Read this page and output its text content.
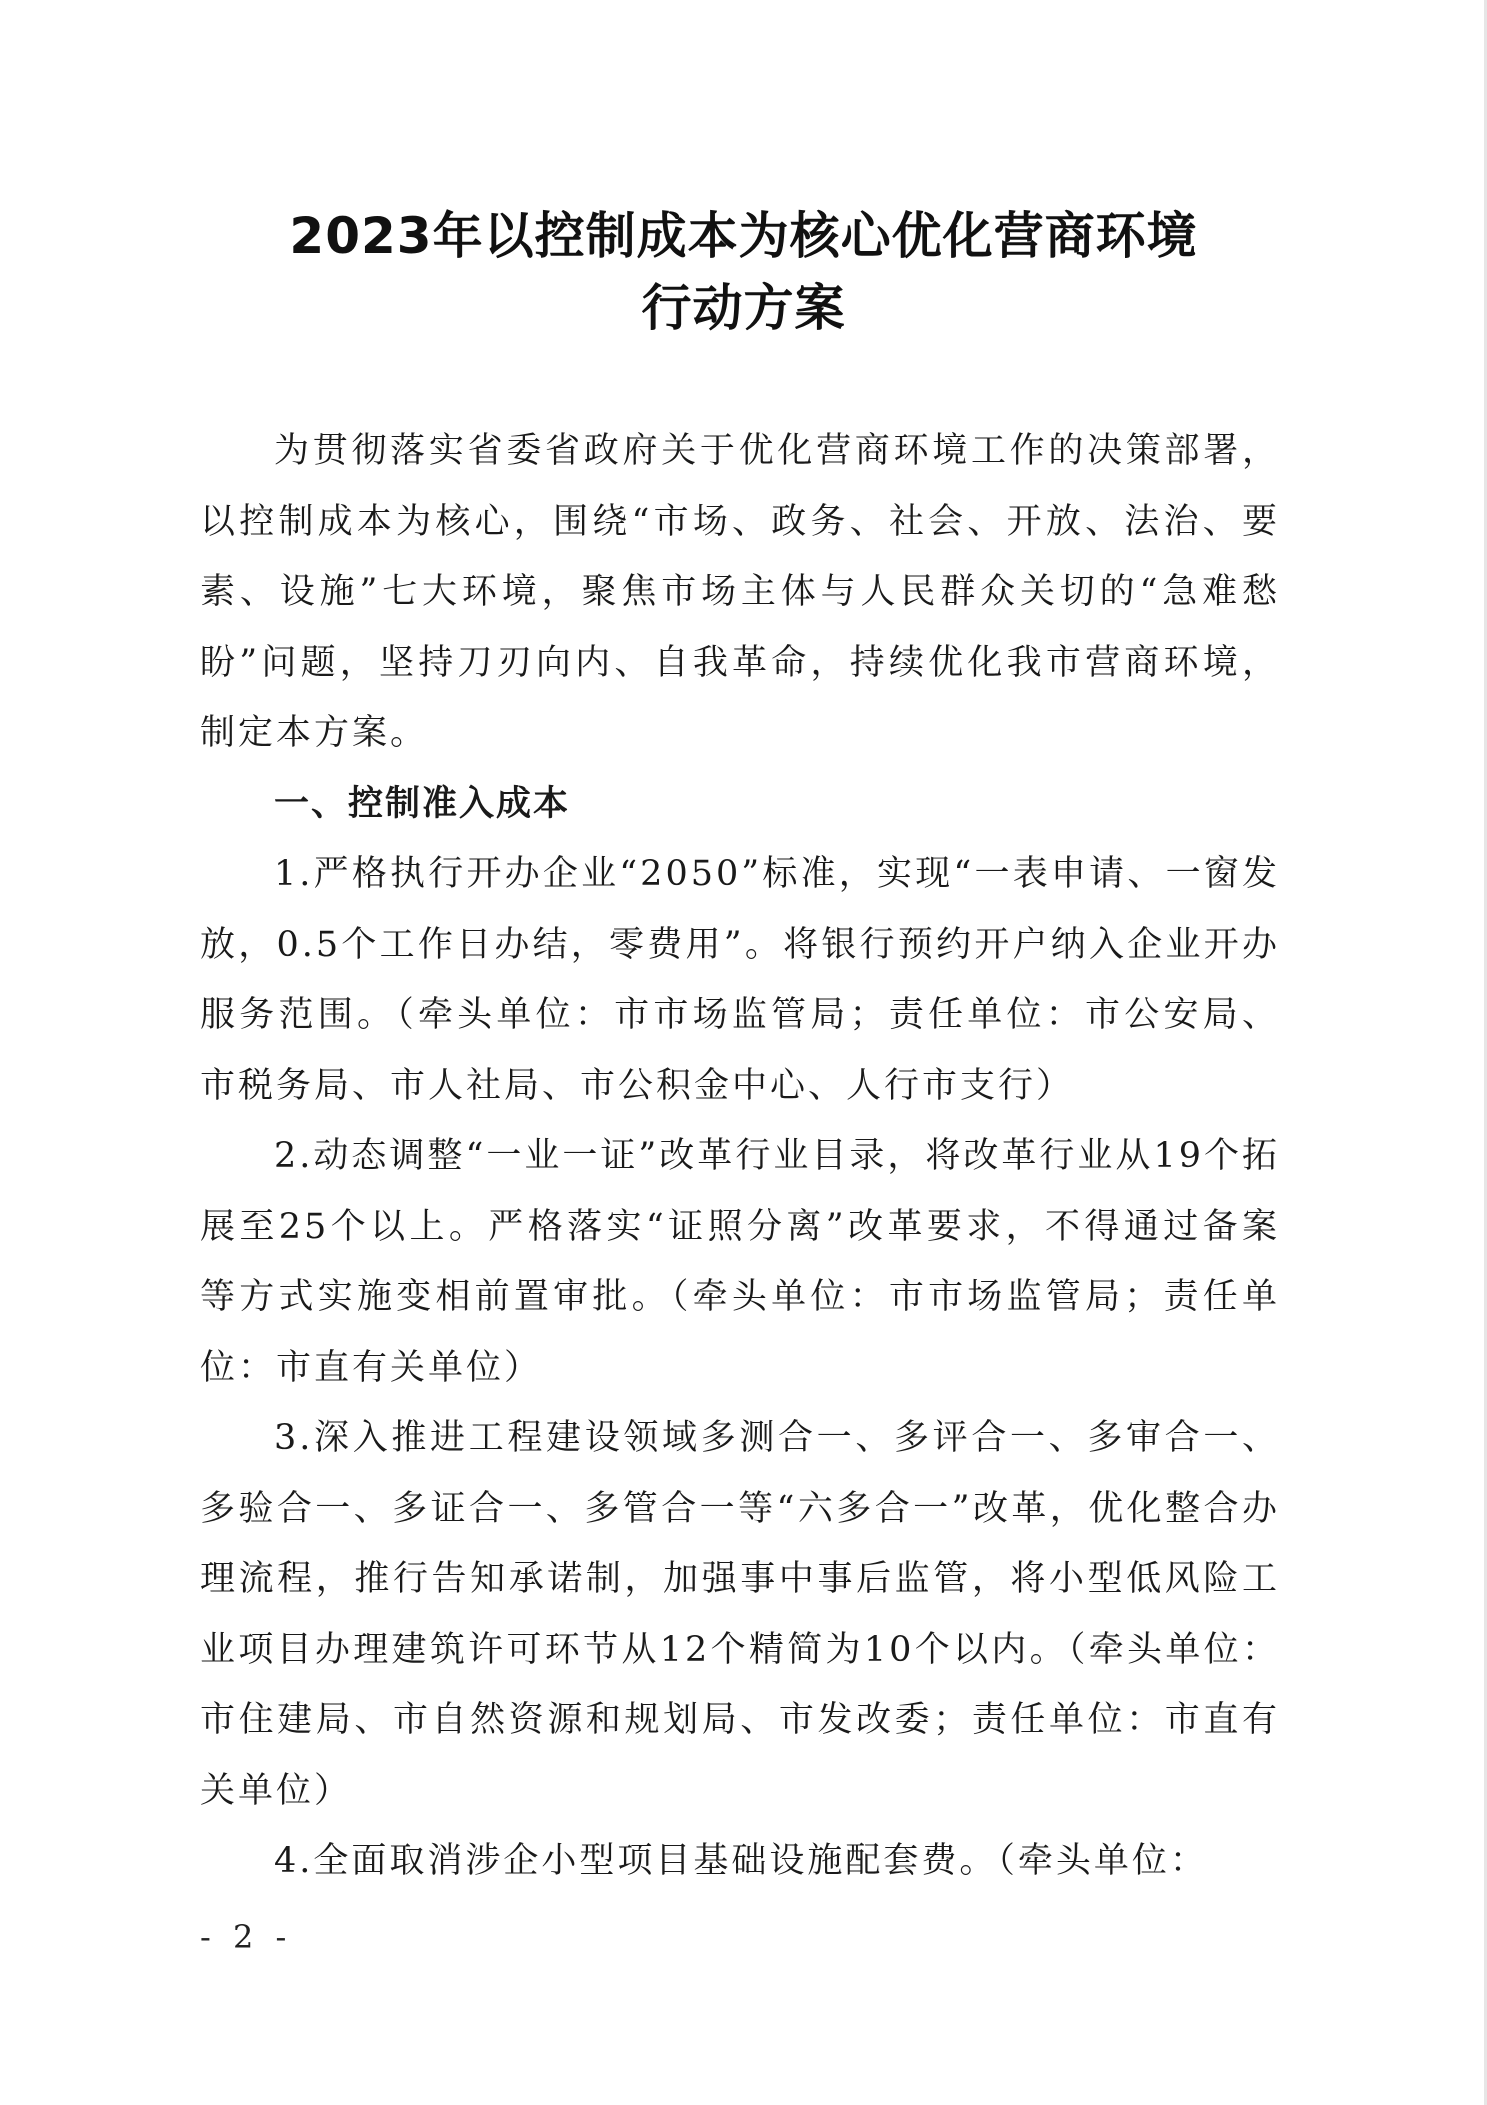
2023年以控制成本为核心优化营商环境
行动方案

为贯彻落实省委省政府关于优化营商环境工作的决策部署，以控制成本为核心，围绕“市场、政务、社会、开放、法治、要素、设施”七大环境，聚焦市场主体与人民群众关切的“急难愁盼”问题，坚持刀刃向内、自我革命，持续优化我市营商环境，制定本方案。

一、控制准入成本

1.严格执行开办企业“2050”标准，实现“一表申请、一窗发放，0.5个工作日办结，零费用”。将银行预约开户纳入企业开办服务范围。（牵头单位：市市场监管局；责任单位：市公安局、市税务局、市人社局、市公积金中心、人行市支行）

2.动态调整“一业一证”改革行业目录，将改革行业从19个拓展至25个以上。严格落实“证照分离”改革要求，不得通过备案等方式实施变相前置审批。（牵头单位：市市场监管局；责任单位：市直有关单位）

3.深入推进工程建设领域多测合一、多评合一、多审合一、多验合一、多证合一、多管合一等“六多合一”改革，优化整合办理流程，推行告知承诺制，加强事中事后监管，将小型低风险工业项目办理建筑许可环节从12个精简为10个以内。（牵头单位：市住建局、市自然资源和规划局、市发改委；责任单位：市直有关单位）

4.全面取消涉企小型项目基础设施配套费。（牵头单位：

- 2 -
